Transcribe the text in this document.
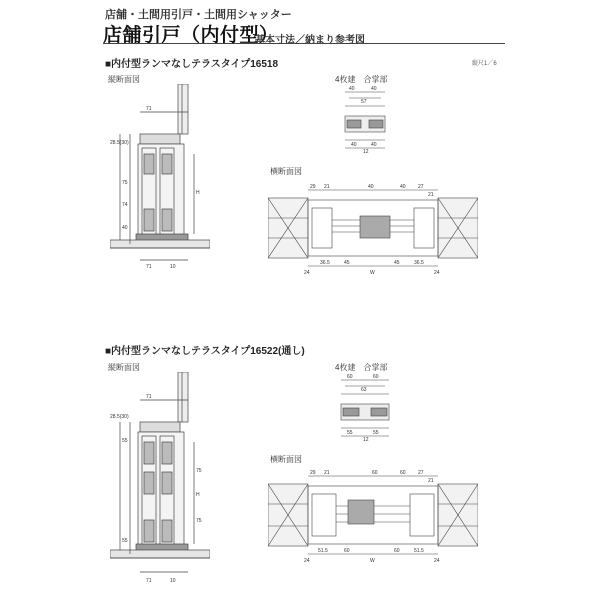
店舗・土間用引戸・土間用シャッター
店舗引戸（内付型）
基本寸法／納まり参考図
■内付型ランマなしテラスタイプ16518	縦尺1／6
縦断面図	4枚建　合掌部
横断面図
71
28.5(30)
75
H
74
40
71	10
40	40
57
40	40
12
29 21	40	40 27
21
24
36.5	45
W
45	36.5
24
■内付型ランマなしテラスタイプ16522(通し)
縦断面図	4枚建　合掌部
横断面図
71
28.5(30)
55
75
H
75
55
71	10
60	60
63
55	55
12
29 21	60	60 27
21
24
51.5	60
W
60	51.5
24
